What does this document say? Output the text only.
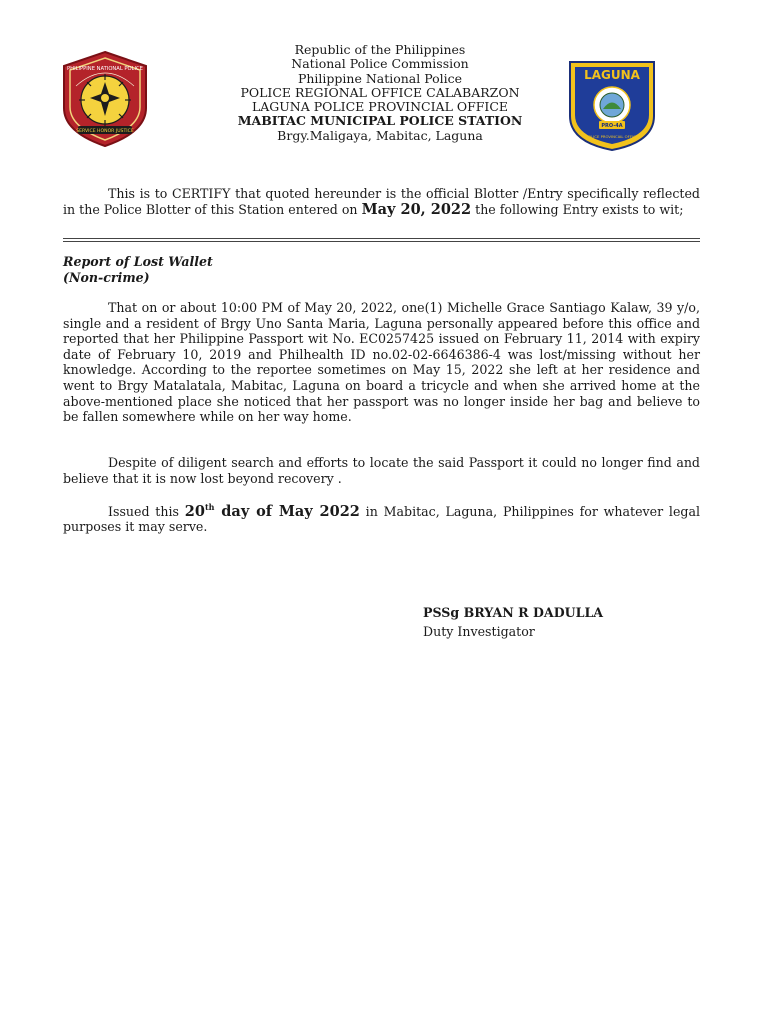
PHILIPPINE NATIONAL POLICE
SERVICE HONOR JUSTICE
Republic of the Philippines
National Police Commission
Philippine National Police
POLICE REGIONAL OFFICE CALABARZON
LAGUNA POLICE PROVINCIAL OFFICE
MABITAC MUNICIPAL POLICE STATION
Brgy.Maligaya, Mabitac, Laguna
LAGUNA
PRO-4A
POLICE PROVINCIAL OFFICE
This is to CERTIFY that quoted hereunder is the official Blotter /Entry specifically reflected in the Police Blotter of this Station entered on May 20, 2022 the following Entry exists to wit;
Report of Lost Wallet
(Non-crime)
That on or about 10:00 PM of May 20, 2022, one(1) Michelle Grace Santiago Kalaw, 39 y/o, single and a resident of Brgy Uno Santa Maria, Laguna personally appeared before this office and reported that her Philippine Passport wit No. EC0257425 issued on February 11, 2014 with expiry date of February 10, 2019 and Philhealth ID no.02-02-6646386-4 was lost/missing without her knowledge. According to the reportee sometimes on May 15, 2022 she left at her residence and went to Brgy Matalatala, Mabitac, Laguna on board a tricycle and when she arrived home at the above-mentioned place she noticed that her passport was no longer inside her bag and believe to be fallen somewhere while on her way home.
Despite of diligent search and efforts to locate the said Passport it could no longer find and believe that it is now lost beyond recovery .
Issued this 20th day of May 2022 in Mabitac, Laguna, Philippines for whatever legal purposes it may serve.
PSSg BRYAN R DADULLA
Duty Investigator
